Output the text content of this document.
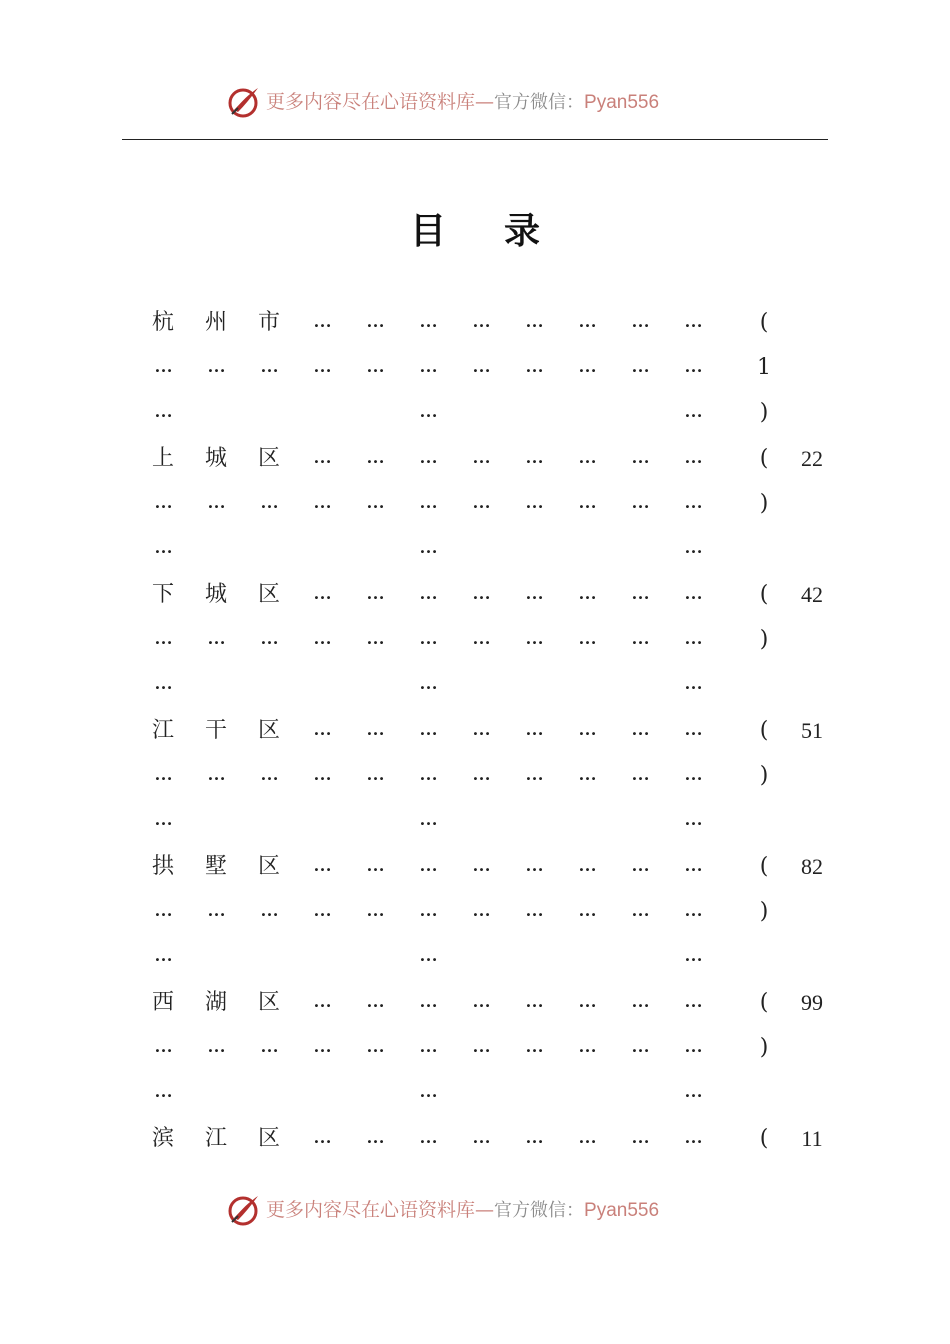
更多内容尽在心语资料库—官方微信：Pyan556
目 录
杭 州 市	…	…	…	…	…	…	…	…	(
…	…	…	…	…	…	…	…	…	…	…	1
…	…	…	)
上 城 区	…	…	…	…	…	…	…	…	(	22
…	…	…	…	…	…	…	…	…	…	…	)
…	…	…
下 城 区	…	…	…	…	…	…	…	…	(	42
…	…	…	…	…	…	…	…	…	…	…	)
…	…	…
江 干 区	…	…	…	…	…	…	…	…	(	51
…	…	…	…	…	…	…	…	…	…	…	)
…	…	…
拱 墅 区	…	…	…	…	…	…	…	…	(	82
…	…	…	…	…	…	…	…	…	…	…	)
…	…	…
西 湖 区	…	…	…	…	…	…	…	…	(	99
…	…	…	…	…	…	…	…	…	…	…	)
…	…	…
滨 江 区	…	…	…	…	…	…	…	…	(	11
更多内容尽在心语资料库—官方微信：Pyan556
